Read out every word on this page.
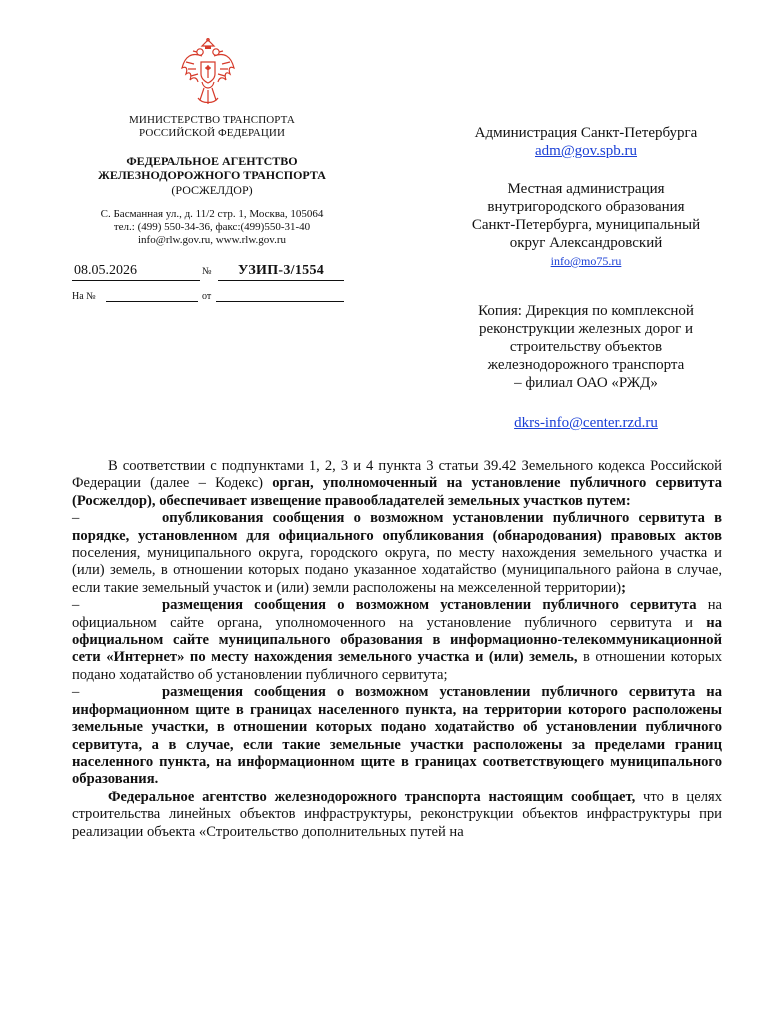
МИНИСТЕРСТВО ТРАНСПОРТА
РОССИЙСКОЙ ФЕДЕРАЦИИ
ФЕДЕРАЛЬНОЕ АГЕНТСТВО
ЖЕЛЕЗНОДОРОЖНОГО ТРАНСПОРТА
(РОСЖЕЛДОР)
С. Басманная ул., д. 11/2 стр. 1, Москва, 105064
тел.: (499) 550-34-36, факс:(499)550-31-40
info@rlw.gov.ru, www.rlw.gov.ru
08.05.2026	№	УЗИП-3/1554
На №	от
Администрация Санкт-Петербурга
adm@gov.spb.ru
Местная администрация
внутригородского образования
Санкт-Петербурга, муниципальный
округ Александровский
info@mo75.ru
Копия: Дирекция по комплексной
реконструкции железных дорог и
строительству объектов
железнодорожного транспорта
– филиал ОАО «РЖД»
dkrs-info@center.rzd.ru

В соответствии с подпунктами 1, 2, 3 и 4 пункта 3 статьи 39.42 Земельного кодекса Российской Федерации (далее – Кодекс) орган, уполномоченный на установление публичного сервитута (Росжелдор), обеспечивает извещение правообладателей земельных участков путем:

–	опубликования сообщения о возможном установлении публичного сервитута в порядке, установленном для официального опубликования (обнародования) правовых актов поселения, муниципального округа, городского округа, по месту нахождения земельного участка и (или) земель, в отношении которых подано указанное ходатайство (муниципального района в случае, если такие земельный участок и (или) земли расположены на межселенной территории);

–	размещения сообщения о возможном установлении публичного сервитута на официальном сайте органа, уполномоченного на установление публичного сервитута и на официальном сайте муниципального образования в информационно-телекоммуникационной сети «Интернет» по месту нахождения земельного участка и (или) земель, в отношении которых подано ходатайство об установлении публичного сервитута;

–	размещения сообщения о возможном установлении публичного сервитута на информационном щите в границах населенного пункта, на территории которого расположены земельные участки, в отношении которых подано ходатайство об установлении публичного сервитута, а в случае, если такие земельные участки расположены за пределами границ населенного пункта, на информационном щите в границах соответствующего муниципального образования.

Федеральное агентство железнодорожного транспорта настоящим сообщает, что в целях строительства линейных объектов инфраструктуры, реконструкции объектов инфраструктуры при реализации объекта «Строительство дополнительных путей на
